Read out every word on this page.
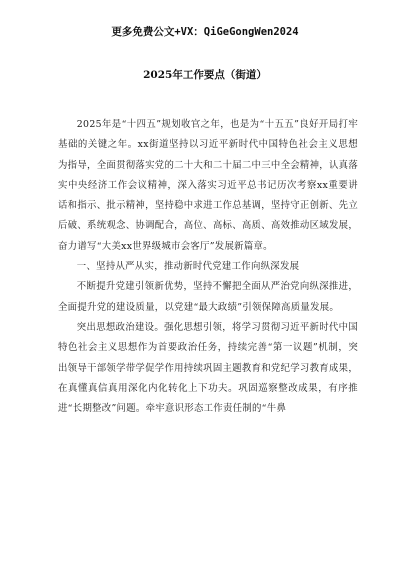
更多免费公文+VX：QiGeGongWen2024
2025年工作要点（街道）

2025年是“十四五”规划收官之年，也是为“十五五”良好开局打牢基础的关键之年。xx街道坚持以习近平新时代中国特色社会主义思想为指导，全面贯彻落实党的二十大和二十届二中三中全会精神，认真落实中央经济工作会议精神，深入落实习近平总书记历次考察xx重要讲话和指示、批示精神，坚持稳中求进工作总基调，坚持守正创新、先立后破、系统观念、协调配合，高位、高标、高质、高效推动区域发展，奋力谱写“大美xx世界级城市会客厅”发展新篇章。

一、坚持从严从实，推动新时代党建工作向纵深发展

不断提升党建引领新优势，坚持不懈把全面从严治党向纵深推进，全面提升党的建设质量，以党建“最大政绩”引领保障高质量发展。

突出思想政治建设。强化思想引领，将学习贯彻习近平新时代中国特色社会主义思想作为首要政治任务，持续完善“第一议题”机制，突出领导干部领学带学促学作用持续巩固主题教育和党纪学习教育成果，在真懂真信真用深化内化转化上下功夫。巩固巡察整改成果，有序推进“长期整改”问题。牵牢意识形态工作责任制的“牛鼻
